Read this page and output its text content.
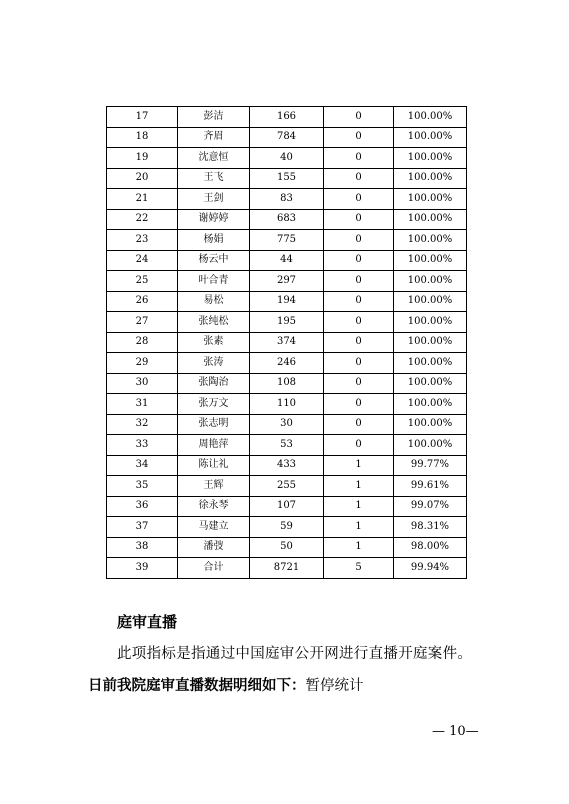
17	彭洁	166	0	100.00%
18	齐眉	784	0	100.00%
19	沈意恒	40	0	100.00%
20	王飞	155	0	100.00%
21	王剑	83	0	100.00%
22	谢婷婷	683	0	100.00%
23	杨娟	775	0	100.00%
24	杨云中	44	0	100.00%
25	叶合青	297	0	100.00%
26	易松	194	0	100.00%
27	张纯松	195	0	100.00%
28	张素	374	0	100.00%
29	张涛	246	0	100.00%
30	张陶治	108	0	100.00%
31	张万文	110	0	100.00%
32	张志明	30	0	100.00%
33	周艳萍	53	0	100.00%
34	陈让礼	433	1	99.77%
35	王辉	255	1	99.61%
36	徐永琴	107	1	99.07%
37	马建立	59	1	98.31%
38	潘弢	50	1	98.00%
39	合计	8721	5	99.94%
庭审直播
此项指标是指通过中国庭审公开网进行直播开庭案件。
日前我院庭审直播数据明细如下：暂停统计
— 10—
